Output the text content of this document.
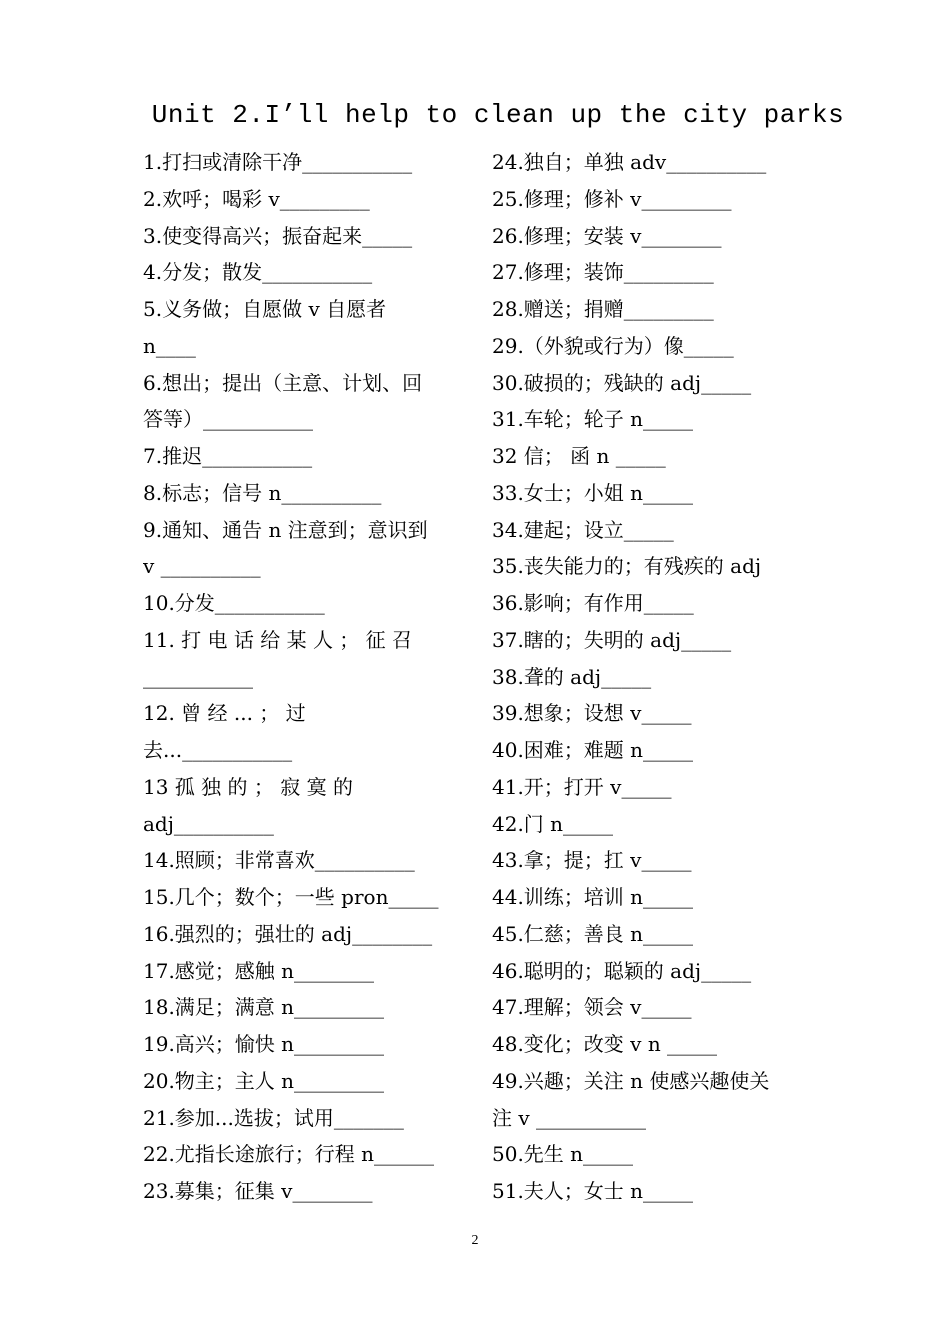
Unit 2.I’ll help to clean up the city parks
1.打扫或清除干净___________
2.欢呼；喝彩 v_________
3.使变得高兴；振奋起来_____
4.分发；散发___________
5.义务做；自愿做 v 自愿者
n____
6.想出；提出（主意、计划、回
答等）___________
7.推迟___________
8.标志；信号 n__________
9.通知、通告 n 注意到；意识到
v __________
10.分发___________
11. 打 电 话 给 某 人 ； 征 召
___________
12. 曾 经 ... ； 过
去...___________
13 孤 独 的 ； 寂 寞 的
adj__________
14.照顾；非常喜欢__________
15.几个；数个；一些 pron_____
16.强烈的；强壮的 adj________
17.感觉；感触 n________
18.满足；满意 n_________
19.高兴；愉快 n_________
20.物主；主人 n_________
21.参加...选拔；试用_______
22.尤指长途旅行；行程 n______
23.募集；征集 v________
24.独自；单独 adv__________
25.修理；修补 v_________
26.修理；安装 v________
27.修理；装饰_________
28.赠送；捐赠_________
29.（外貌或行为）像_____
30.破损的；残缺的 adj_____
31.车轮；轮子 n_____
32 信； 函 n _____
33.女士；小姐 n_____
34.建起；设立_____
35.丧失能力的；有残疾的 adj
36.影响；有作用_____
37.瞎的；失明的 adj_____
38.聋的 adj_____
39.想象；设想 v_____
40.困难；难题 n_____
41.开；打开 v_____
42.门 n_____
43.拿；提；扛 v_____
44.训练；培训 n_____
45.仁慈；善良 n_____
46.聪明的；聪颖的 adj_____
47.理解；领会 v_____
48.变化；改变 v n _____
49.兴趣；关注 n 使感兴趣使关
注 v ___________
50.先生 n_____
51.夫人；女士 n_____
2
